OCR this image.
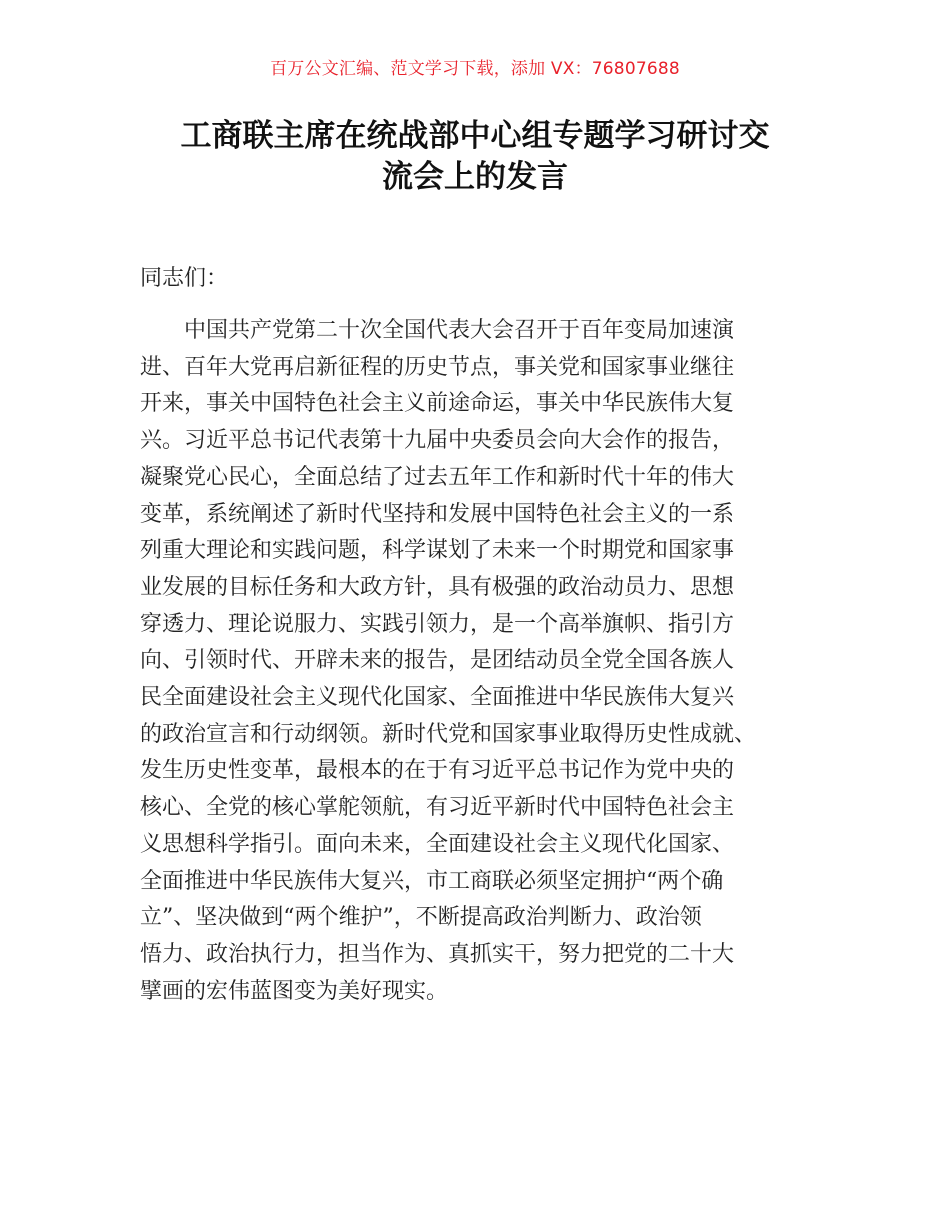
百万公文汇编、范文学习下载，添加 VX：76807688
工商联主席在统战部中心组专题学习研讨交
流会上的发言
同志们：
　　中国共产党第二十次全国代表大会召开于百年变局加速演
进、百年大党再启新征程的历史节点，事关党和国家事业继往
开来，事关中国特色社会主义前途命运，事关中华民族伟大复
兴。习近平总书记代表第十九届中央委员会向大会作的报告，
凝聚党心民心，全面总结了过去五年工作和新时代十年的伟大
变革，系统阐述了新时代坚持和发展中国特色社会主义的一系
列重大理论和实践问题，科学谋划了未来一个时期党和国家事
业发展的目标任务和大政方针，具有极强的政治动员力、思想
穿透力、理论说服力、实践引领力，是一个高举旗帜、指引方
向、引领时代、开辟未来的报告，是团结动员全党全国各族人
民全面建设社会主义现代化国家、全面推进中华民族伟大复兴
的政治宣言和行动纲领。新时代党和国家事业取得历史性成就、
发生历史性变革，最根本的在于有习近平总书记作为党中央的
核心、全党的核心掌舵领航，有习近平新时代中国特色社会主
义思想科学指引。面向未来，全面建设社会主义现代化国家、
全面推进中华民族伟大复兴，市工商联必须坚定拥护“两个确
立”、坚决做到“两个维护”，不断提高政治判断力、政治领
悟力、政治执行力，担当作为、真抓实干，努力把党的二十大
擘画的宏伟蓝图变为美好现实。
